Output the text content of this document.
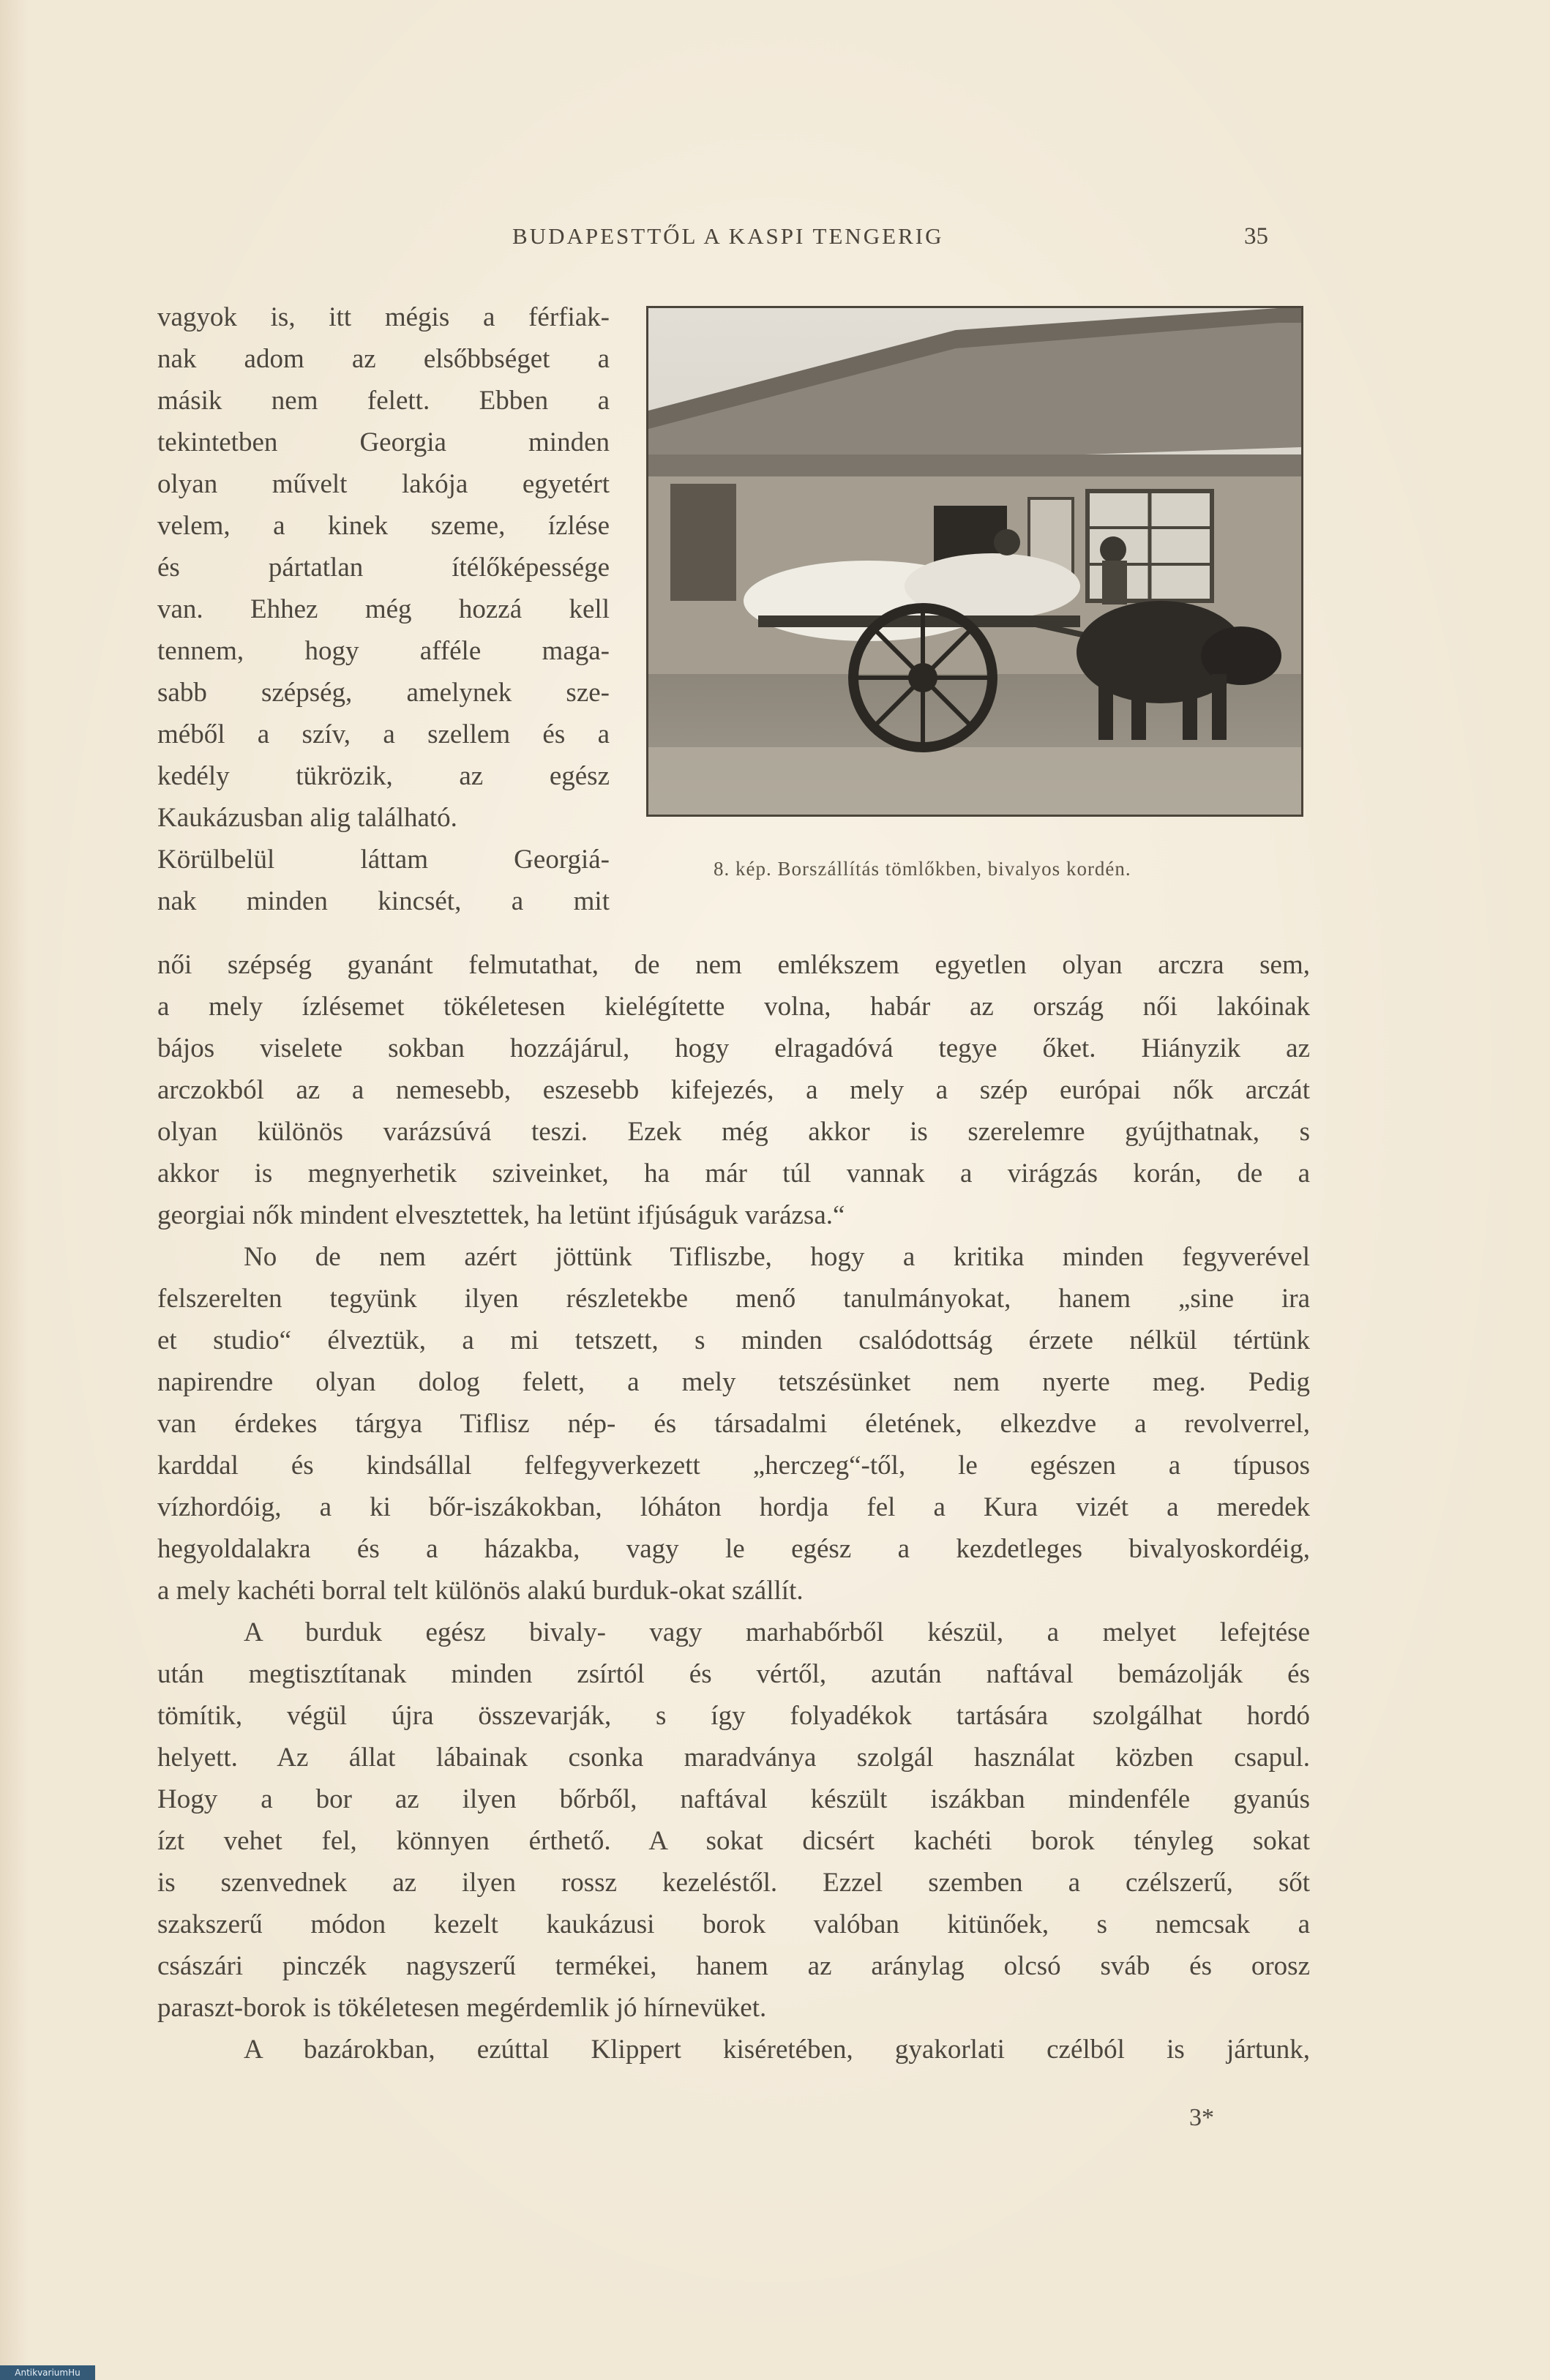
BUDAPESTTŐL A KASPI TENGERIG	35
vagyok is, itt mégis a férfiak-
nak adom az elsőbbséget a
másik nem felett. Ebben a
tekintetben Georgia minden
olyan művelt lakója egyetért
velem, a kinek szeme, ízlése
és pártatlan ítélőképessége
van. Ehhez még hozzá kell
tennem, hogy afféle maga-
sabb szépség, amelynek sze-
méből a szív, a szellem és a
kedély tükrözik, az egész
Kaukázusban alig található.
Körülbelül láttam Georgiá-
nak minden kincsét, a mit
8. kép. Borszállítás tömlőkben, bivalyos kordén.
női szépség gyanánt felmutathat, de nem emlékszem egyetlen olyan arczra sem,
a mely ízlésemet tökéletesen kielégítette volna, habár az ország női lakóinak
bájos viselete sokban hozzájárul, hogy elragadóvá tegye őket. Hiányzik az
arczokból az a nemesebb, eszesebb kifejezés, a mely a szép európai nők arczát
olyan különös varázsúvá teszi. Ezek még akkor is szerelemre gyújthatnak, s
akkor is megnyerhetik sziveinket, ha már túl vannak a virágzás korán, de a
georgiai nők mindent elvesztettek, ha letünt ifjúságuk varázsa.“
No de nem azért jöttünk Tifliszbe, hogy a kritika minden fegyverével
felszerelten tegyünk ilyen részletekbe menő tanulmányokat, hanem „sine ira
et studio“ élveztük, a mi tetszett, s minden csalódottság érzete nélkül tértünk
napirendre olyan dolog felett, a mely tetszésünket nem nyerte meg. Pedig
van érdekes tárgya Tiflisz nép- és társadalmi életének, elkezdve a revolverrel,
karddal és kindsállal felfegyverkezett „herczeg“-től, le egészen a típusos
vízhordóig, a ki bőr-iszákokban, lóháton hordja fel a Kura vizét a meredek
hegyoldalakra és a házakba, vagy le egész a kezdetleges bivalyoskordéig,
a mely kachéti borral telt különös alakú burduk-okat szállít.
A burduk egész bivaly- vagy marhabőrből készül, a melyet lefejtése
után megtisztítanak minden zsírtól és vértől, azután naftával bemázolják és
tömítik, végül újra összevarják, s így folyadékok tartására szolgálhat hordó
helyett. Az állat lábainak csonka maradványa szolgál használat közben csapul.
Hogy a bor az ilyen bőrből, naftával készült iszákban mindenféle gyanús
ízt vehet fel, könnyen érthető. A sokat dicsért kachéti borok tényleg sokat
is szenvednek az ilyen rossz kezeléstől. Ezzel szemben a czélszerű, sőt
szakszerű módon kezelt kaukázusi borok valóban kitünőek, s nemcsak a
császári pinczék nagyszerű termékei, hanem az aránylag olcsó sváb és orosz
paraszt-borok is tökéletesen megérdemlik jó hírnevüket.
A bazárokban, ezúttal Klippert kiséretében, gyakorlati czélból is jártunk,
3*
AntikvariumHu
